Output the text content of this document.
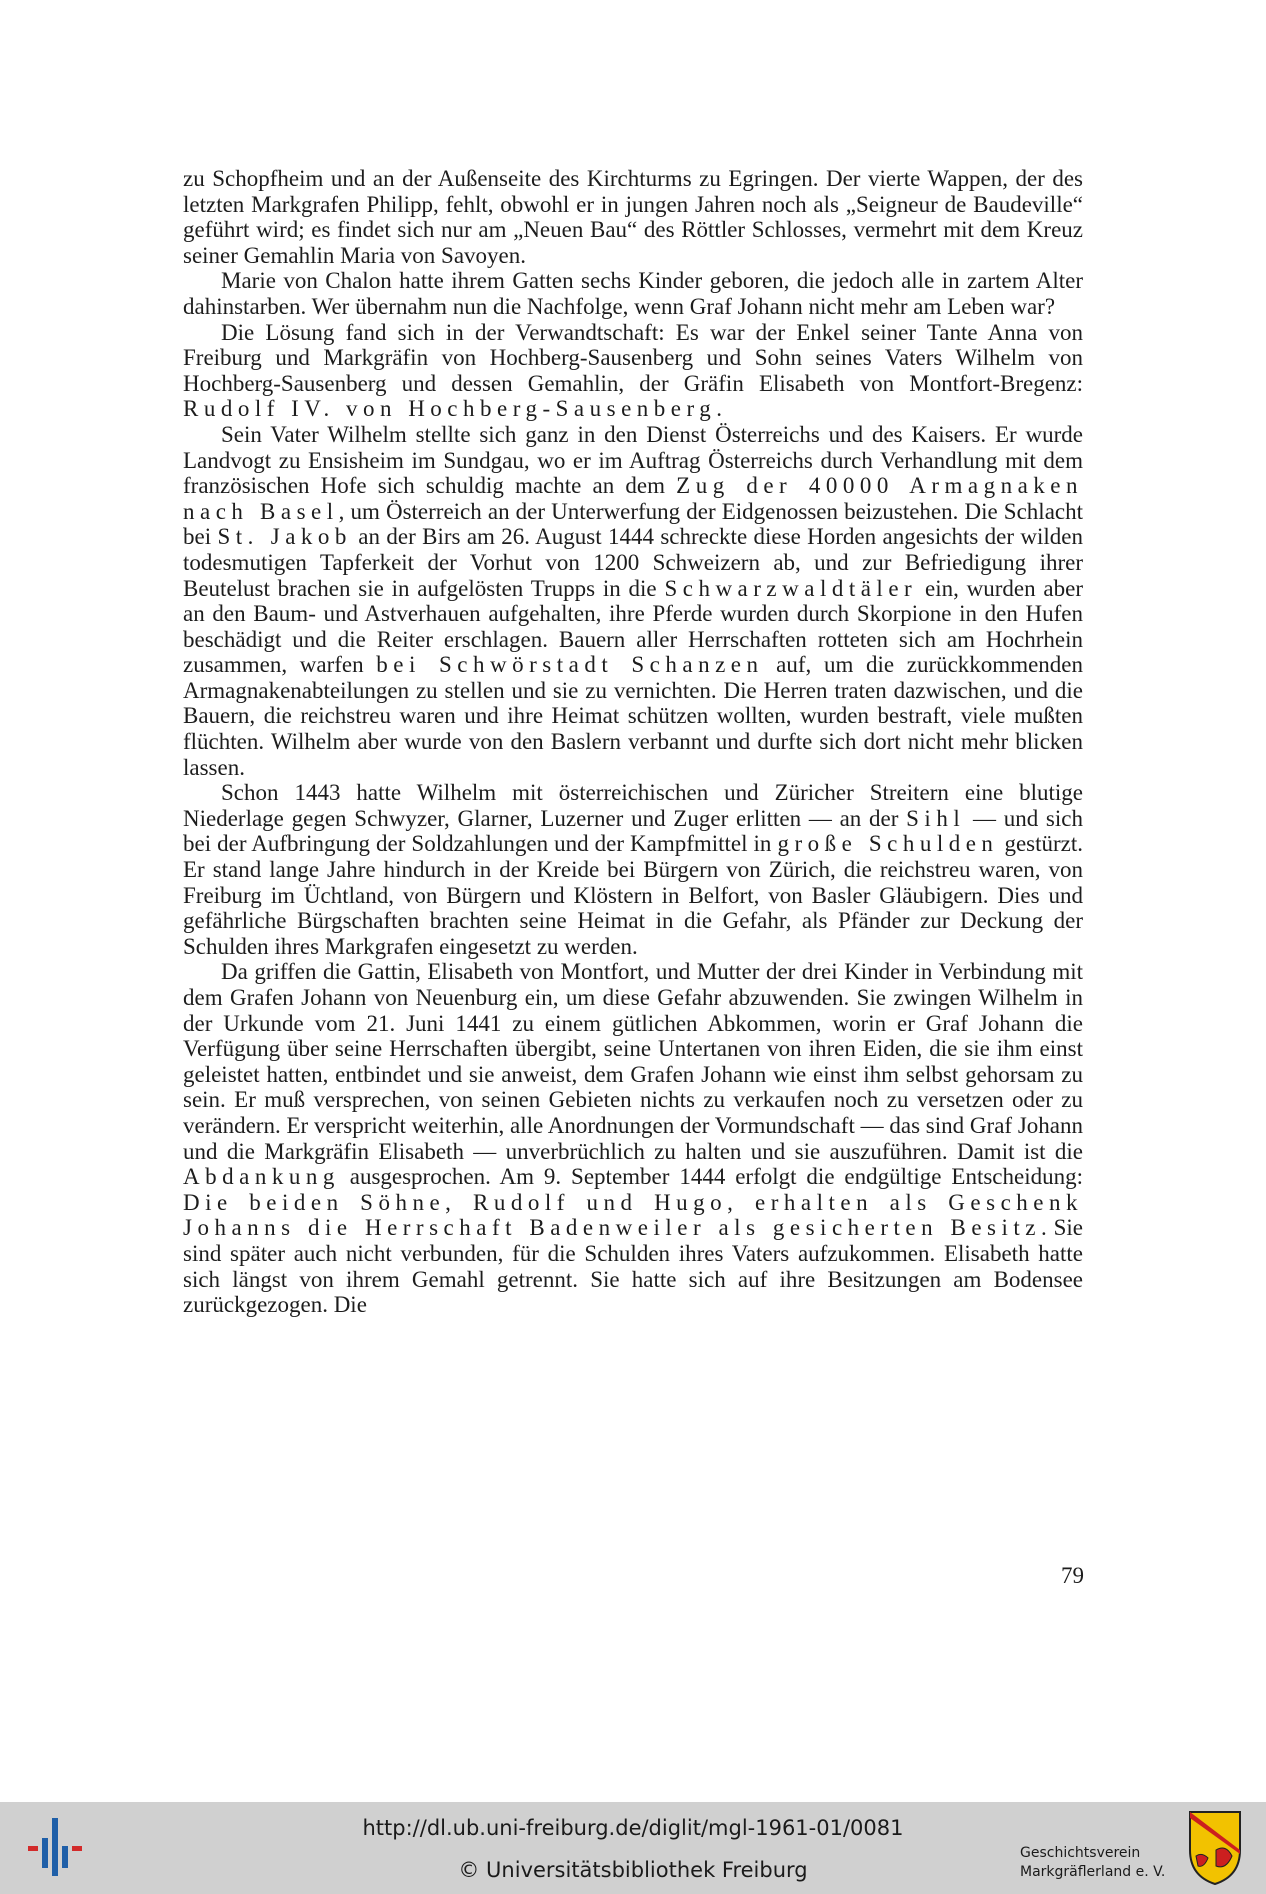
zu Schopfheim und an der Außenseite des Kirchturms zu Egringen. Der vierte Wappen, der des letzten Markgrafen Philipp, fehlt, obwohl er in jungen Jahren noch als „Seigneur de Baudeville“ geführt wird; es findet sich nur am „Neuen Bau“ des Röttler Schlosses, vermehrt mit dem Kreuz seiner Gemahlin Maria von Savoyen.

Marie von Chalon hatte ihrem Gatten sechs Kinder geboren, die jedoch alle in zartem Alter dahinstarben. Wer übernahm nun die Nachfolge, wenn Graf Johann nicht mehr am Leben war?

Die Lösung fand sich in der Verwandtschaft: Es war der Enkel seiner Tante Anna von Freiburg und Markgräfin von Hochberg-Sausenberg und Sohn seines Vaters Wilhelm von Hochberg-Sausenberg und dessen Gemahlin, der Gräfin Elisabeth von Montfort-Bregenz: Rudolf IV. von Hochberg-Sausenberg.

Sein Vater Wilhelm stellte sich ganz in den Dienst Österreichs und des Kaisers. Er wurde Landvogt zu Ensisheim im Sundgau, wo er im Auftrag Österreichs durch Verhandlung mit dem französischen Hofe sich schuldig machte an dem Zug der 40000 Armagnaken nach Basel, um Österreich an der Unterwerfung der Eidgenossen beizustehen. Die Schlacht bei St. Jakob an der Birs am 26. August 1444 schreckte diese Horden angesichts der wilden todesmutigen Tapferkeit der Vorhut von 1200 Schweizern ab, und zur Befriedigung ihrer Beutelust brachen sie in aufgelösten Trupps in die Schwarzwaldtäler ein, wurden aber an den Baum- und Astverhauen aufgehalten, ihre Pferde wurden durch Skorpione in den Hufen beschädigt und die Reiter erschlagen. Bauern aller Herrschaften rotteten sich am Hochrhein zusammen, warfen bei Schwörstadt Schanzen auf, um die zurückkommenden Armagnakenabteilungen zu stellen und sie zu vernichten. Die Herren traten dazwischen, und die Bauern, die reichstreu waren und ihre Heimat schützen wollten, wurden bestraft, viele mußten flüchten. Wilhelm aber wurde von den Baslern verbannt und durfte sich dort nicht mehr blicken lassen.

Schon 1443 hatte Wilhelm mit österreichischen und Züricher Streitern eine blutige Niederlage gegen Schwyzer, Glarner, Luzerner und Zuger erlitten — an der Sihl — und sich bei der Aufbringung der Soldzahlungen und der Kampfmittel in große Schulden gestürzt. Er stand lange Jahre hindurch in der Kreide bei Bürgern von Zürich, die reichstreu waren, von Freiburg im Üchtland, von Bürgern und Klöstern in Belfort, von Basler Gläubigern. Dies und gefährliche Bürgschaften brachten seine Heimat in die Gefahr, als Pfänder zur Deckung der Schulden ihres Markgrafen eingesetzt zu werden.

Da griffen die Gattin, Elisabeth von Montfort, und Mutter der drei Kinder in Verbindung mit dem Grafen Johann von Neuenburg ein, um diese Gefahr abzuwenden. Sie zwingen Wilhelm in der Urkunde vom 21. Juni 1441 zu einem gütlichen Abkommen, worin er Graf Johann die Verfügung über seine Herrschaften übergibt, seine Untertanen von ihren Eiden, die sie ihm einst geleistet hatten, entbindet und sie anweist, dem Grafen Johann wie einst ihm selbst gehorsam zu sein. Er muß versprechen, von seinen Gebieten nichts zu verkaufen noch zu versetzen oder zu verändern. Er verspricht weiterhin, alle Anordnungen der Vormundschaft — das sind Graf Johann und die Markgräfin Elisabeth — unverbrüchlich zu halten und sie auszuführen. Damit ist die Abdankung ausgesprochen. Am 9. September 1444 erfolgt die endgültige Entscheidung: Die beiden Söhne, Rudolf und Hugo, erhalten als Geschenk Johanns die Herrschaft Badenweiler als gesicherten Besitz. Sie sind später auch nicht verbunden, für die Schulden ihres Vaters aufzukommen. Elisabeth hatte sich längst von ihrem Gemahl getrennt. Sie hatte sich auf ihre Besitzungen am Bodensee zurückgezogen. Die

79
http://dl.ub.uni-freiburg.de/diglit/mgl-1961-01/0081
© Universitätsbibliothek Freiburg
Geschichtsverein
Markgräflerland e. V.
